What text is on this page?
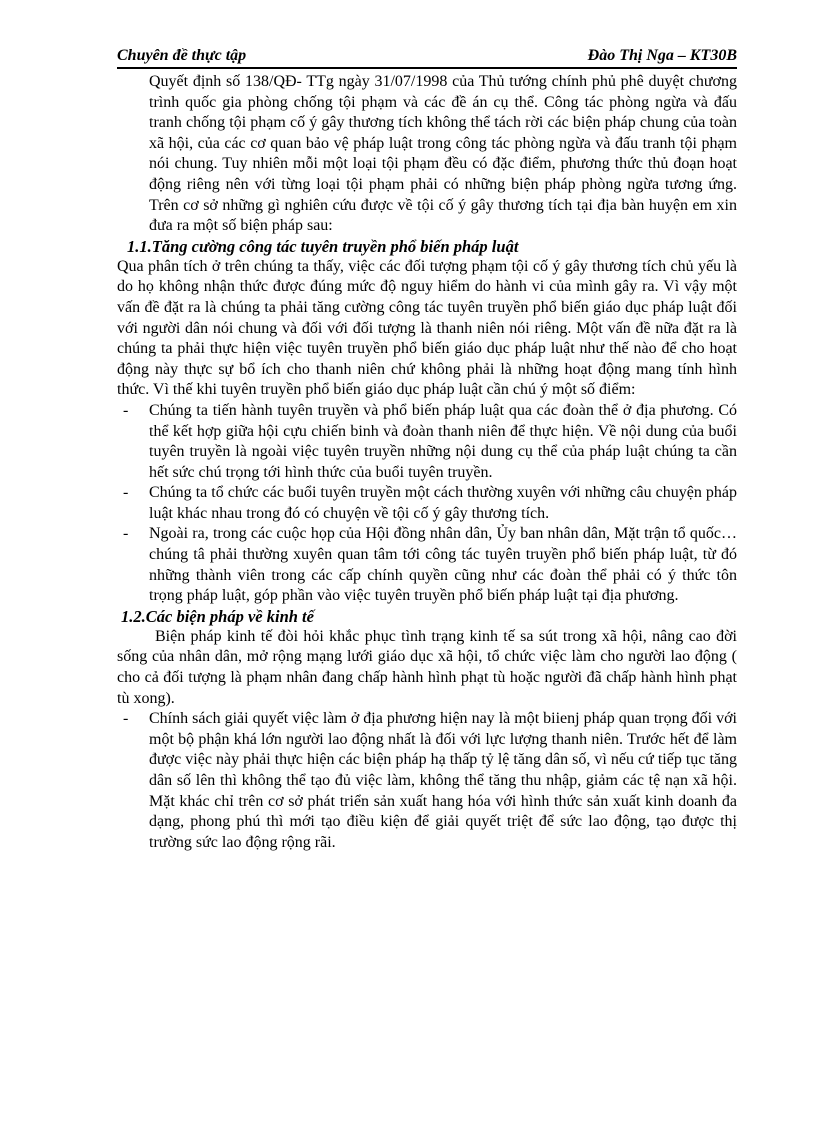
Chuyên đề thực tập	Đào Thị Nga – KT30B

Quyết định số 138/QĐ- TTg ngày 31/07/1998 của Thủ tướng chính phủ phê duyệt chương trình quốc gia phòng chống tội phạm và các đề án cụ thể. Công tác phòng ngừa và đấu tranh chống tội phạm cố ý gây thương tích không thể tách rời các biện pháp chung của toàn xã hội, của các cơ quan bảo vệ pháp luật trong công tác phòng ngừa và đấu tranh tội phạm nói chung. Tuy nhiên mỗi một loại tội phạm đều có đặc điểm, phương thức thủ đoạn hoạt động riêng nên với từng loại tội phạm phải có những biện pháp phòng ngừa tương ứng. Trên cơ sở những gì nghiên cứu được về tội cố ý gây thương tích tại địa bàn huyện em xin đưa ra một số biện pháp sau:

1.1.Tăng cường công tác tuyên truyền phổ biến pháp luật

Qua phân tích ở trên chúng ta thấy, việc các đối tượng phạm tội cố ý gây thương tích chủ yếu là do họ không nhận thức được đúng mức độ nguy hiểm do hành vi của mình gây ra. Vì vậy một vấn đề đặt ra là chúng ta phải tăng cường công tác tuyên truyền phổ biến giáo dục pháp luật đối với người dân nói chung và đối với đối tượng là thanh niên nói riêng. Một vấn đề nữa đặt ra là chúng ta phải thực hiện việc tuyên truyền phổ biến giáo dục pháp luật như thế nào để cho hoạt động này thực sự bổ ích cho thanh niên chứ không phải là những hoạt động mang tính hình thức. Vì thế khi tuyên truyền phổ biến giáo dục pháp luật cần chú ý một số điểm:

- Chúng ta tiến hành tuyên truyền và phổ biến pháp luật qua các đoàn thể ở địa phương. Có thể kết hợp giữa hội cựu chiến binh và đoàn thanh niên để thực hiện. Về nội dung của buổi tuyên truyền là ngoài việc tuyên truyền những nội dung cụ thể của pháp luật chúng ta cần hết sức chú trọng tới hình thức của buổi tuyên truyền.
- Chúng ta tổ chức các buổi tuyên truyền một cách thường xuyên với những câu chuyện pháp luật khác nhau trong đó có chuyện về tội cố ý gây thương tích.
- Ngoài ra, trong các cuộc họp của Hội đồng nhân dân, Ủy ban nhân dân, Mặt trận tổ quốc… chúng tâ phải thường xuyên quan tâm tới công tác tuyên truyền phổ biến pháp luật, từ đó những thành viên trong các cấp chính quyền cũng như các đoàn thể phải có ý thức tôn trọng pháp luật, góp phần vào việc tuyên truyền phổ biến pháp luật tại địa phương.

1.2.Các biện pháp về kinh tế

Biện pháp kinh tế đòi hỏi khắc phục tình trạng kinh tế sa sút trong xã hội, nâng cao đời sống của nhân dân, mở rộng mạng lưới giáo dục xã hội, tổ chức việc làm cho người lao động ( cho cả đối tượng là phạm nhân đang chấp hành hình phạt tù hoặc người đã chấp hành hình phạt tù xong).

- Chính sách giải quyết việc làm ở địa phương hiện nay là một biienj pháp quan trọng đối với một bộ phận khá lớn người lao động nhất là đối với lực lượng thanh niên. Trước hết để làm được việc này phải thực hiện các biện pháp hạ thấp tỷ lệ tăng dân số, vì nếu cứ tiếp tục tăng dân số lên thì không thể tạo đủ việc làm, không thể tăng thu nhập, giảm các tệ nạn xã hội. Mặt khác chỉ trên cơ sở phát triển sản xuất hang hóa với hình thức sản xuất kinh doanh đa dạng, phong phú thì mới tạo điều kiện để giải quyết triệt để sức lao động, tạo được thị trường sức lao động rộng rãi.
